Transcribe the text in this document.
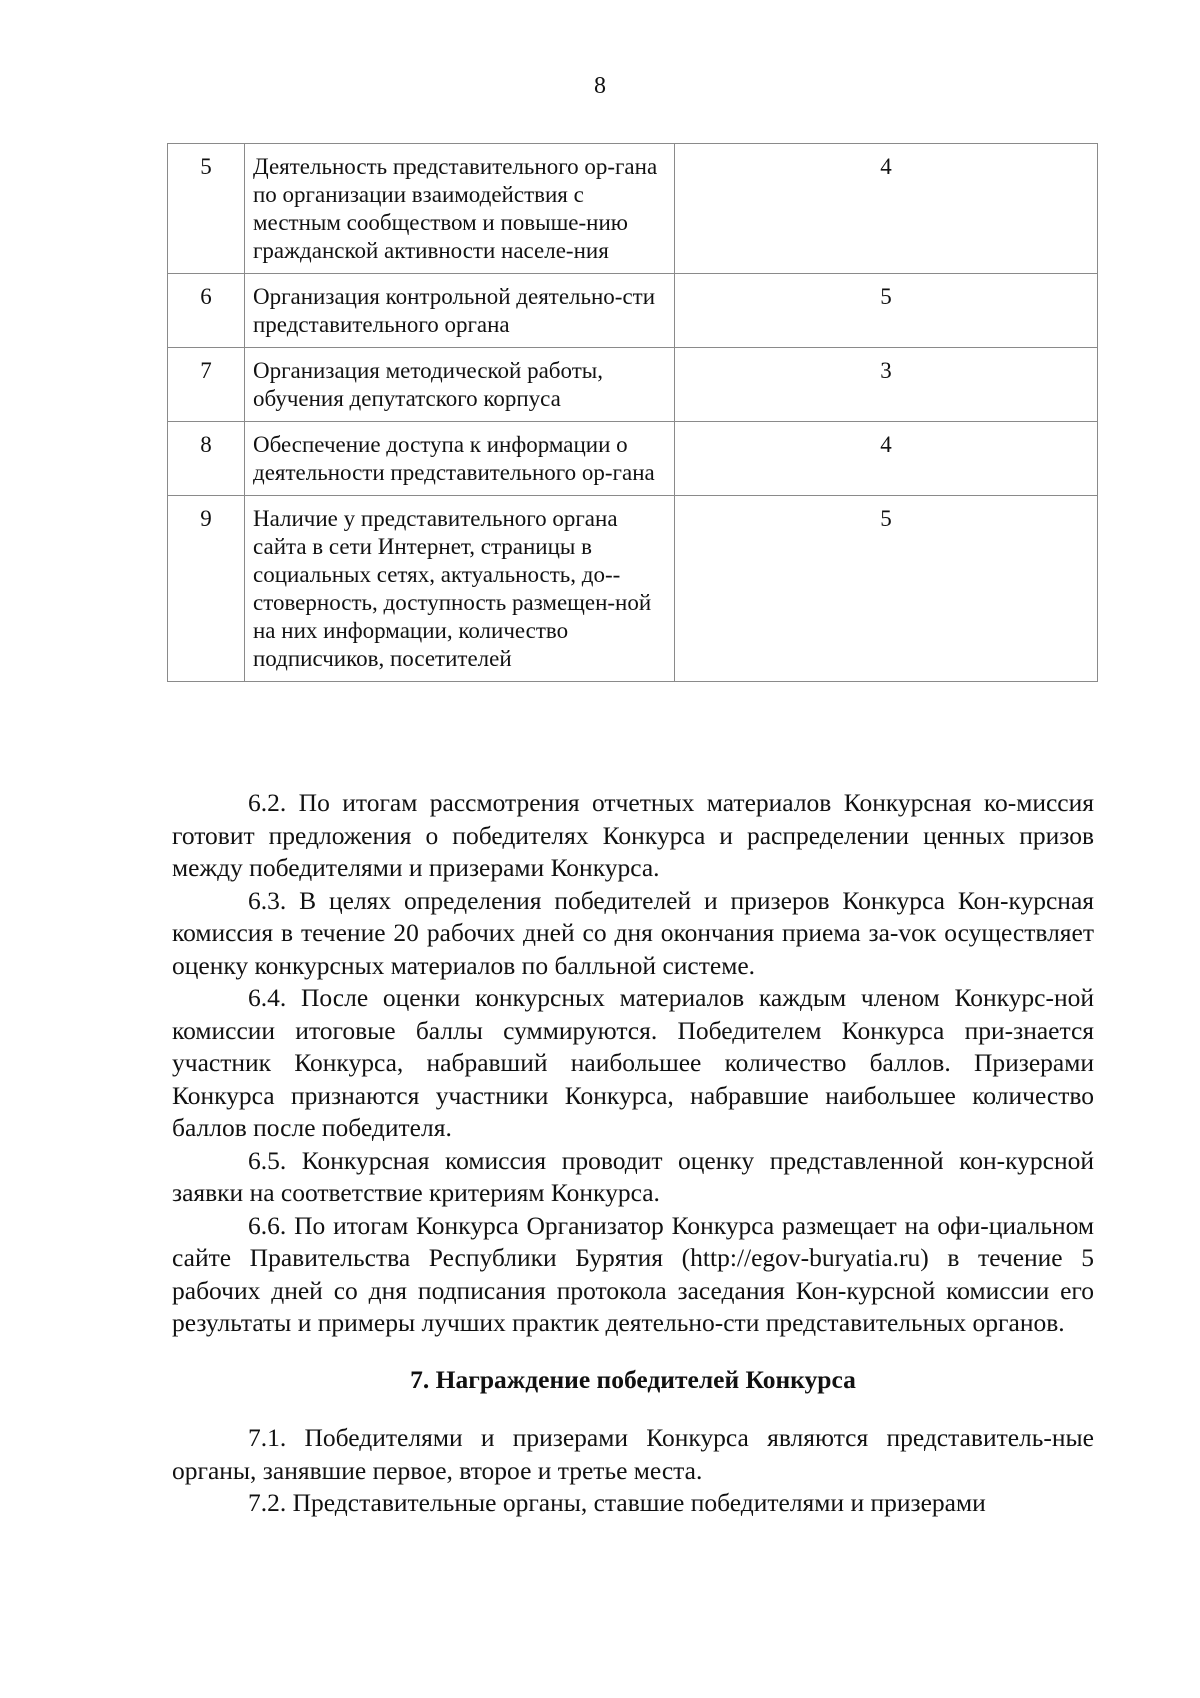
8
5	Деятельность представительного ор-гана по организации взаимодействия с местным сообществом и повыше-нию гражданской активности населе-ния	4
6	Организация контрольной деятельно-сти представительного органа	5
7	Организация методической работы, обучения депутатского корпуса	3
8	Обеспечение доступа к информации о деятельности представительного ор-гана	4
9	Наличие у представительного органа сайта в сети Интернет, страницы в социальных сетях, актуальность, до-стоверность, доступность размещен-ной на них информации, количество подписчиков, посетителей	5

6.2. По итогам рассмотрения отчетных материалов Конкурсная ко-миссия готовит предложения о победителях Конкурса и распределении ценных призов между победителями и призерами Конкурса.

6.3. В целях определения победителей и призеров Конкурса Кон-курсная комиссия в течение 20 рабочих дней со дня окончания приема за-vок осуществляет оценку конкурсных материалов по балльной системе.

6.4. После оценки конкурсных материалов каждым членом Конкурс-ной комиссии итоговые баллы суммируются. Победителем Конкурса при-знается участник Конкурса, набравший наибольшее количество баллов. Призерами Конкурса признаются участники Конкурса, набравшие наибольшее количество баллов после победителя.

6.5. Конкурсная комиссия проводит оценку представленной кон-курсной заявки на соответствие критериям Конкурса.

6.6. По итогам Конкурса Организатор Конкурса размещает на офи-циальном сайте Правительства Республики Бурятия (http://egov-buryatia.ru) в течение 5 рабочих дней со дня подписания протокола заседания Кон-курсной комиссии его результаты и примеры лучших практик деятельно-сти представительных органов.

7. Награждение победителей Конкурса

7.1. Победителями и призерами Конкурса являются представитель-ные органы, занявшие первое, второе и третье места.

7.2. Представительные органы, ставшие победителями и призерами
